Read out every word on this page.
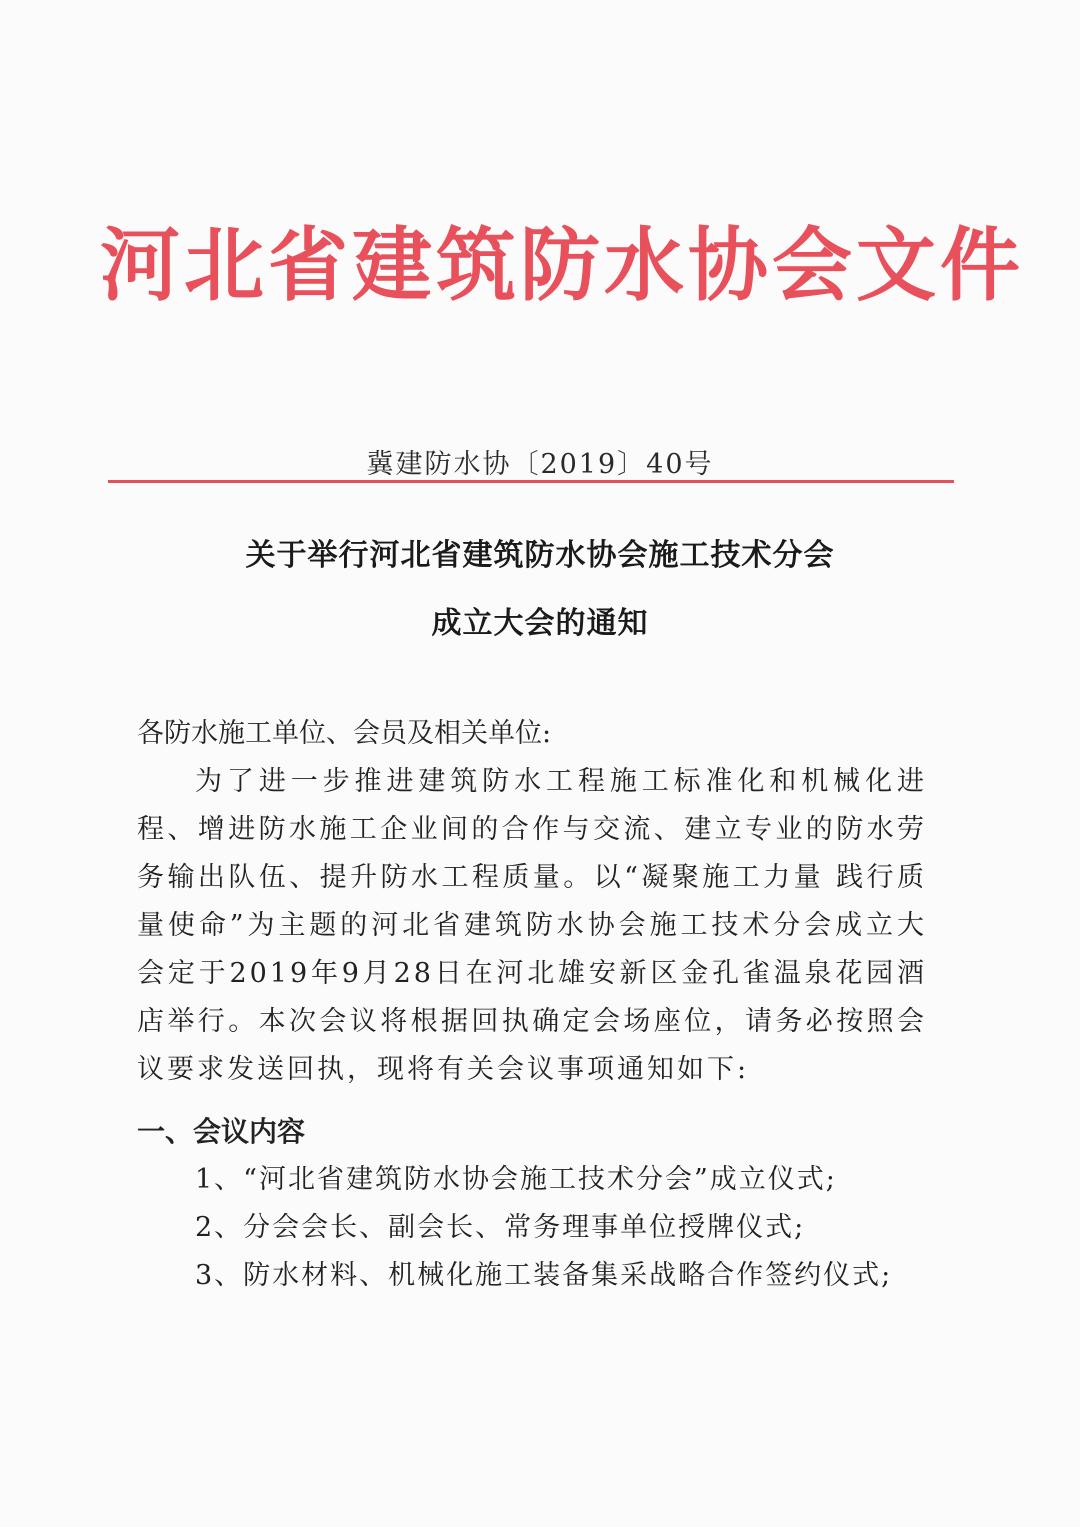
河北省建筑防水协会文件
冀建防水协〔2019〕40号
关于举行河北省建筑防水协会施工技术分会
成立大会的通知
各防水施工单位、会员及相关单位:
为了进一步推进建筑防水工程施工标准化和机械化进程、增进防水施工企业间的合作与交流、建立专业的防水劳务输出队伍、提升防水工程质量。以“凝聚施工力量 践行质量使命”为主题的河北省建筑防水协会施工技术分会成立大会定于2019年9月28日在河北雄安新区金孔雀温泉花园酒店举行。本次会议将根据回执确定会场座位，请务必按照会议要求发送回执，现将有关会议事项通知如下:
一、会议内容
1、“河北省建筑防水协会施工技术分会”成立仪式;
2、分会会长、副会长、常务理事单位授牌仪式;
3、防水材料、机械化施工装备集采战略合作签约仪式;
